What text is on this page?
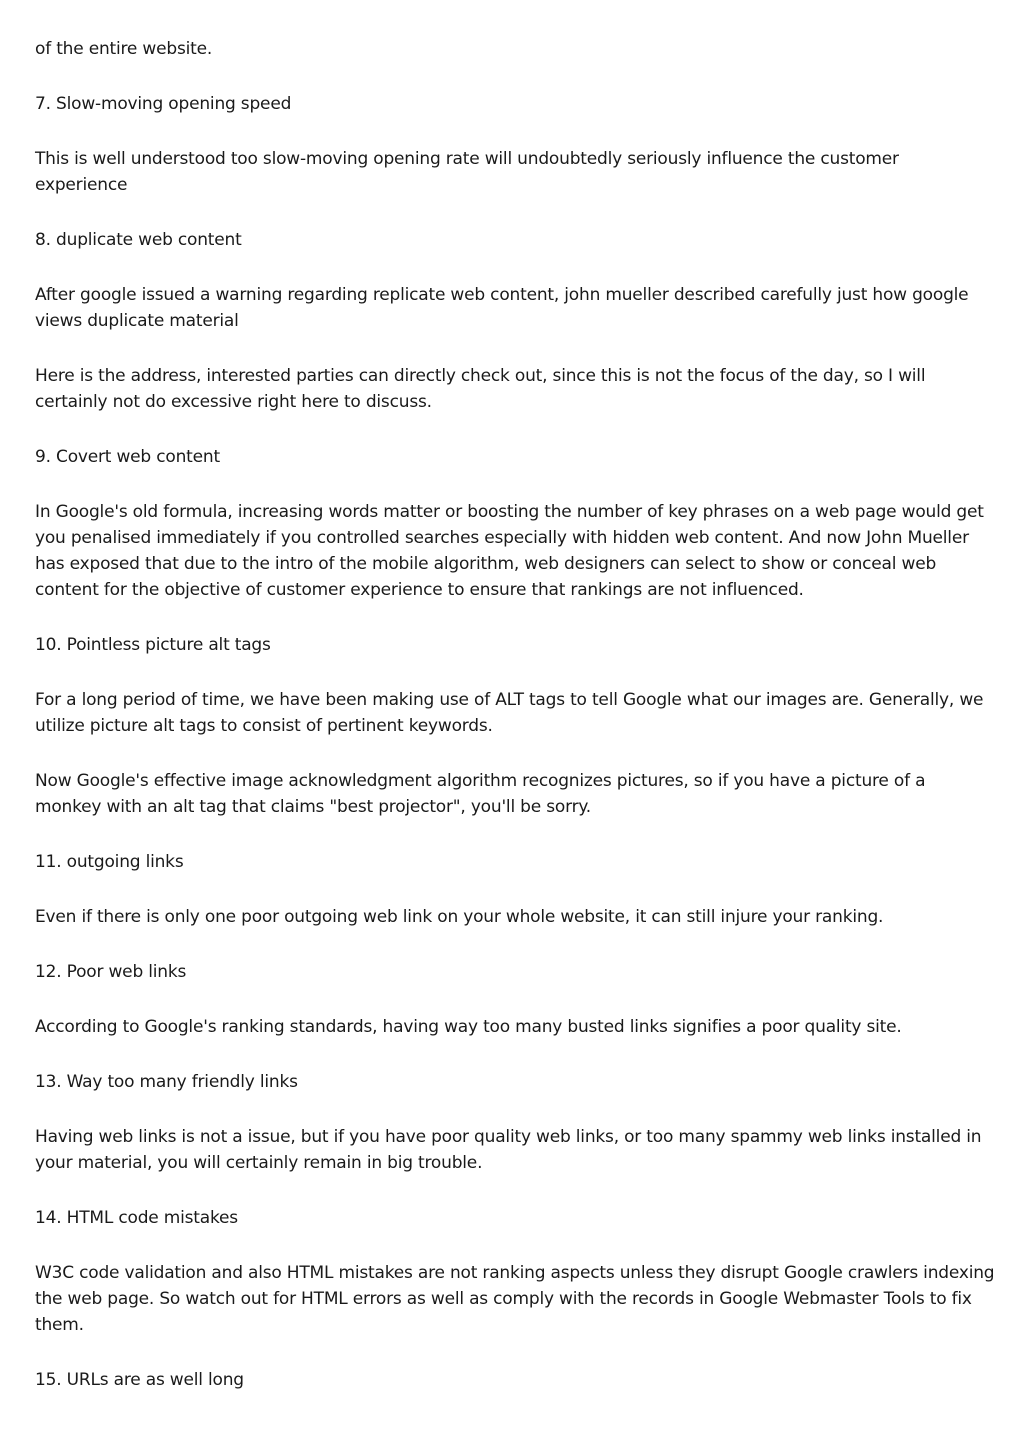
of the entire website.

7. Slow-moving opening speed

This is well understood too slow-moving opening rate will undoubtedly seriously influence the customer experience

8. duplicate web content

After google issued a warning regarding replicate web content, john mueller described carefully just how google views duplicate material

Here is the address, interested parties can directly check out, since this is not the focus of the day, so I will certainly not do excessive right here to discuss.

9. Covert web content

In Google's old formula, increasing words matter or boosting the number of key phrases on a web page would get you penalised immediately if you controlled searches especially with hidden web content. And now John Mueller has exposed that due to the intro of the mobile algorithm, web designers can select to show or conceal web content for the objective of customer experience to ensure that rankings are not influenced.

10. Pointless picture alt tags

For a long period of time, we have been making use of ALT tags to tell Google what our images are. Generally, we utilize picture alt tags to consist of pertinent keywords.

Now Google's effective image acknowledgment algorithm recognizes pictures, so if you have a picture of a monkey with an alt tag that claims "best projector", you'll be sorry.

11. outgoing links

Even if there is only one poor outgoing web link on your whole website, it can still injure your ranking.

12. Poor web links

According to Google's ranking standards, having way too many busted links signifies a poor quality site.

13. Way too many friendly links

Having web links is not a issue, but if you have poor quality web links, or too many spammy web links installed in your material, you will certainly remain in big trouble.

14. HTML code mistakes

W3C code validation and also HTML mistakes are not ranking aspects unless they disrupt Google crawlers indexing the web page. So watch out for HTML errors as well as comply with the records in Google Webmaster Tools to fix them.

15. URLs are as well long
